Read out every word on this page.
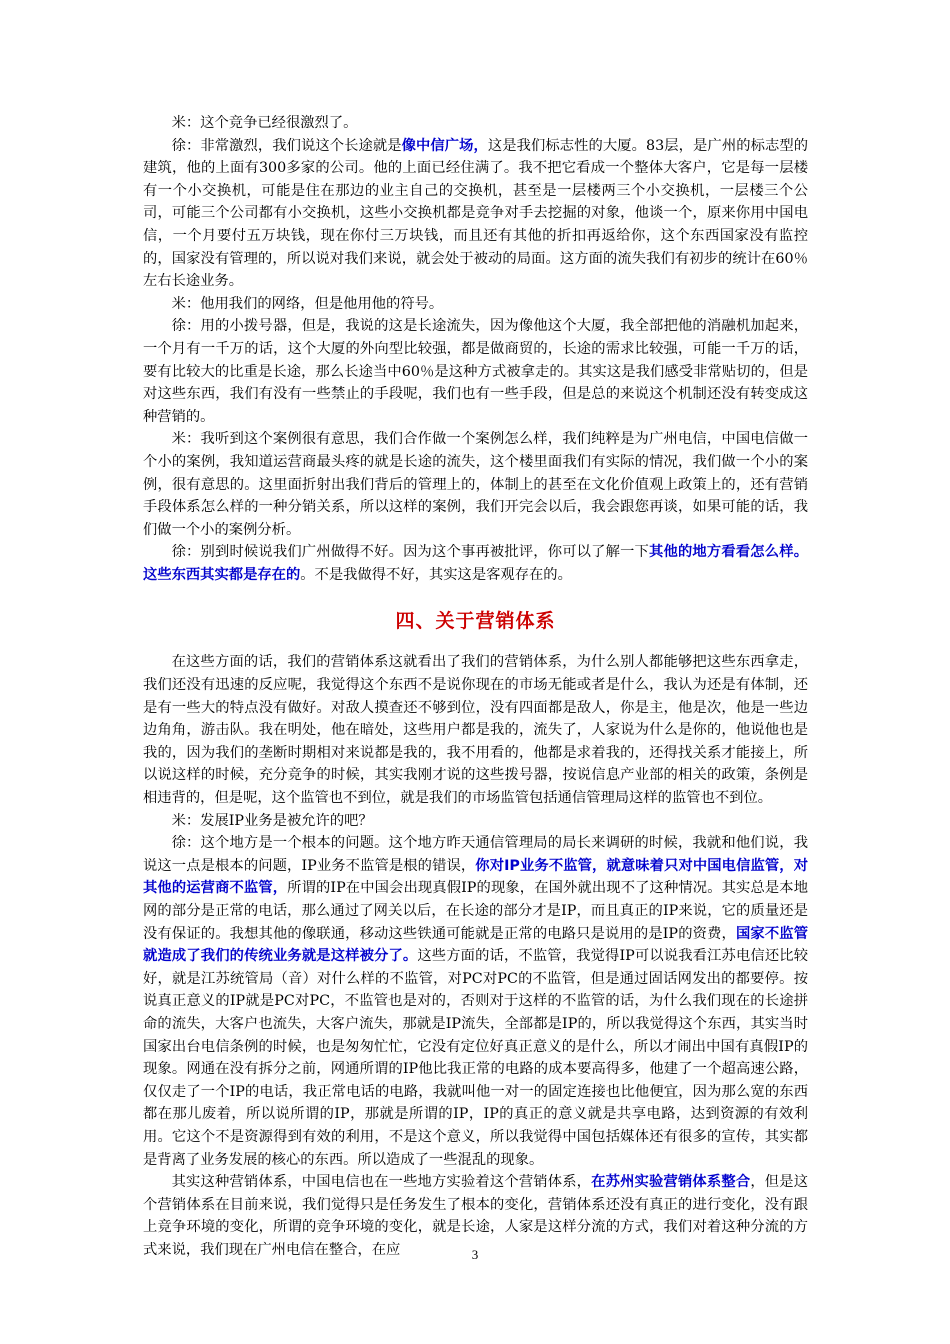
米：这个竞争已经很激烈了。

徐：非常激烈，我们说这个长途就是像中信广场，这是我们标志性的大厦。83层，是广州的标志型的建筑，他的上面有300多家的公司。他的上面已经住满了。我不把它看成一个整体大客户，它是每一层楼有一个小交换机，可能是住在那边的业主自己的交换机，甚至是一层楼两三个小交换机，一层楼三个公司，可能三个公司都有小交换机，这些小交换机都是竞争对手去挖掘的对象，他谈一个，原来你用中国电信，一个月要付五万块钱，现在你付三万块钱，而且还有其他的折扣再返给你，这个东西国家没有监控的，国家没有管理的，所以说对我们来说，就会处于被动的局面。这方面的流失我们有初步的统计在60％左右长途业务。

米：他用我们的网络，但是他用他的符号。

徐：用的小拨号器，但是，我说的这是长途流失，因为像他这个大厦，我全部把他的消融机加起来，一个月有一千万的话，这个大厦的外向型比较强，都是做商贸的，长途的需求比较强，可能一千万的话，要有比较大的比重是长途，那么长途当中60％是这种方式被拿走的。其实这是我们感受非常贴切的，但是对这些东西，我们有没有一些禁止的手段呢，我们也有一些手段，但是总的来说这个机制还没有转变成这种营销的。

米：我听到这个案例很有意思，我们合作做一个案例怎么样，我们纯粹是为广州电信，中国电信做一个小的案例，我知道运营商最头疼的就是长途的流失，这个楼里面我们有实际的情况，我们做一个小的案例，很有意思的。这里面折射出我们背后的管理上的，体制上的甚至在文化价值观上政策上的，还有营销手段体系怎么样的一种分销关系，所以这样的案例，我们开完会以后，我会跟您再谈，如果可能的话，我们做一个小的案例分析。

徐：别到时候说我们广州做得不好。因为这个事再被批评，你可以了解一下其他的地方看看怎么样。这些东西其实都是存在的。不是我做得不好，其实这是客观存在的。

四、关于营销体系

在这些方面的话，我们的营销体系这就看出了我们的营销体系，为什么别人都能够把这些东西拿走，我们还没有迅速的反应呢，我觉得这个东西不是说你现在的市场无能或者是什么，我认为还是有体制，还是有一些大的特点没有做好。对敌人摸查还不够到位，没有四面都是敌人，你是主，他是次，他是一些边边角角，游击队。我在明处，他在暗处，这些用户都是我的，流失了，人家说为什么是你的，他说他也是我的，因为我们的垄断时期相对来说都是我的，我不用看的，他都是求着我的，还得找关系才能接上，所以说这样的时候，充分竞争的时候，其实我刚才说的这些拨号器，按说信息产业部的相关的政策，条例是相违背的，但是呢，这个监管也不到位，就是我们的市场监管包括通信管理局这样的监管也不到位。

米：发展IP业务是被允许的吧？

徐：这个地方是一个根本的问题。这个地方昨天通信管理局的局长来调研的时候，我就和他们说，我说这一点是根本的问题，IP业务不监管是根的错误，你对IP业务不监管，就意味着只对中国电信监管，对其他的运营商不监管，所谓的IP在中国会出现真假IP的现象，在国外就出现不了这种情况。其实总是本地网的部分是正常的电话，那么通过了网关以后，在长途的部分才是IP，而且真正的IP来说，它的质量还是没有保证的。我想其他的像联通，移动这些铁通可能就是正常的电路只是说用的是IP的资费，国家不监管就造成了我们的传统业务就是这样被分了。这些方面的话，不监管，我觉得IP可以说我看江苏电信还比较好，就是江苏统管局（音）对什么样的不监管，对PC对PC的不监管，但是通过固话网发出的都要停。按说真正意义的IP就是PC对PC，不监管也是对的，否则对于这样的不监管的话，为什么我们现在的长途拼命的流失，大客户也流失，大客户流失，那就是IP流失，全部都是IP的，所以我觉得这个东西，其实当时国家出台电信条例的时候，也是匆匆忙忙，它没有定位好真正意义的是什么，所以才闹出中国有真假IP的现象。网通在没有拆分之前，网通所谓的IP他比我正常的电路的成本要高得多，他建了一个超高速公路，仅仅走了一个IP的电话，我正常电话的电路，我就叫他一对一的固定连接也比他便宜，因为那么宽的东西都在那儿废着，所以说所谓的IP，那就是所谓的IP，IP的真正的意义就是共享电路，达到资源的有效利用。它这个不是资源得到有效的利用，不是这个意义，所以我觉得中国包括媒体还有很多的宣传，其实都是背离了业务发展的核心的东西。所以造成了一些混乱的现象。

其实这种营销体系，中国电信也在一些地方实验着这个营销体系，在苏州实验营销体系整合，但是这个营销体系在目前来说，我们觉得只是任务发生了根本的变化，营销体系还没有真正的进行变化，没有跟上竞争环境的变化，所谓的竞争环境的变化，就是长途，人家是这样分流的方式，我们对着这种分流的方式来说，我们现在广州电信在整合，在应	3
